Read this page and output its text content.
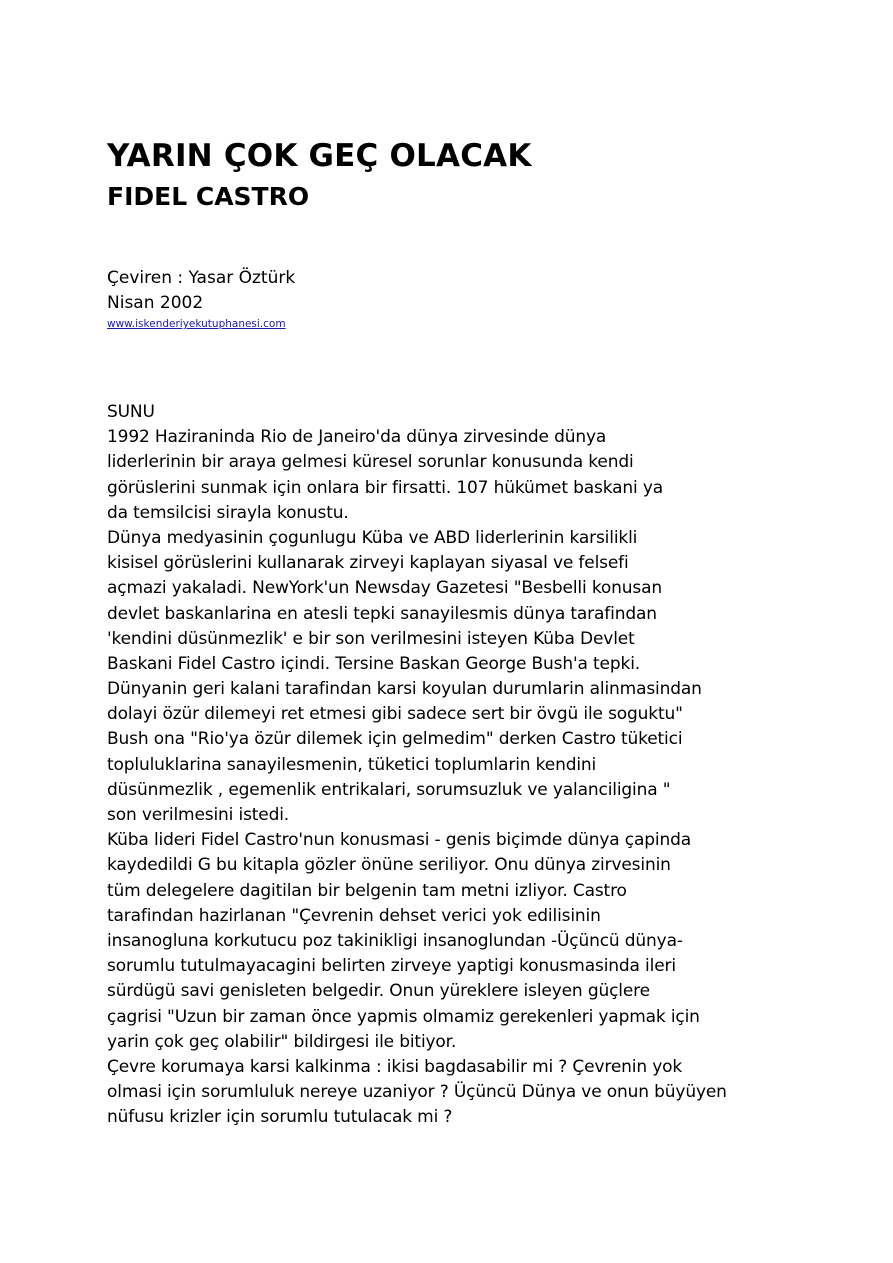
YARIN ÇOK GEÇ OLACAK
FIDEL CASTRO

Çeviren : Yasar Öztürk

Nisan 2002

www.iskenderiyekutuphanesi.com
SUNU
1992 Haziraninda Rio de Janeiro'da dünya zirvesinde dünya
liderlerinin bir araya gelmesi küresel sorunlar konusunda kendi
görüslerini sunmak için onlara bir firsatti. 107 hükümet baskani ya
da temsilcisi sirayla konustu.
Dünya medyasinin çogunlugu Küba ve ABD liderlerinin karsilikli
kisisel görüslerini kullanarak zirveyi kaplayan siyasal ve felsefi
açmazi yakaladi. NewYork'un Newsday Gazetesi "Besbelli konusan
devlet baskanlarina en atesli tepki sanayilesmis dünya tarafindan
'kendini düsünmezlik' e bir son verilmesini isteyen Küba Devlet
Baskani Fidel Castro içindi. Tersine Baskan George Bush'a tepki.
Dünyanin geri kalani tarafindan karsi koyulan durumlarin alinmasindan
dolayi özür dilemeyi ret etmesi gibi sadece sert bir övgü ile soguktu"
Bush ona "Rio'ya özür dilemek için gelmedim" derken Castro tüketici
topluluklarina sanayilesmenin, tüketici toplumlarin kendini
düsünmezlik , egemenlik entrikalari, sorumsuzluk ve yalanciligina "
son verilmesini istedi.
Küba lideri Fidel Castro'nun konusmasi - genis biçimde dünya çapinda
kaydedildi G bu kitapla gözler önüne seriliyor. Onu dünya zirvesinin
tüm delegelere dagitilan bir belgenin tam metni izliyor. Castro
tarafindan hazirlanan "Çevrenin dehset verici yok edilisinin
insanogluna korkutucu poz takinikligi insanoglundan -Üçüncü dünya-
sorumlu tutulmayacagini belirten zirveye yaptigi konusmasinda ileri
sürdügü savi genisleten belgedir. Onun yüreklere isleyen güçlere
çagrisi "Uzun bir zaman önce yapmis olmamiz gerekenleri yapmak için
yarin çok geç olabilir" bildirgesi ile bitiyor.
Çevre korumaya karsi kalkinma : ikisi bagdasabilir mi ? Çevrenin yok
olmasi için sorumluluk nereye uzaniyor ? Üçüncü Dünya ve onun büyüyen
nüfusu krizler için sorumlu tutulacak mi ?
